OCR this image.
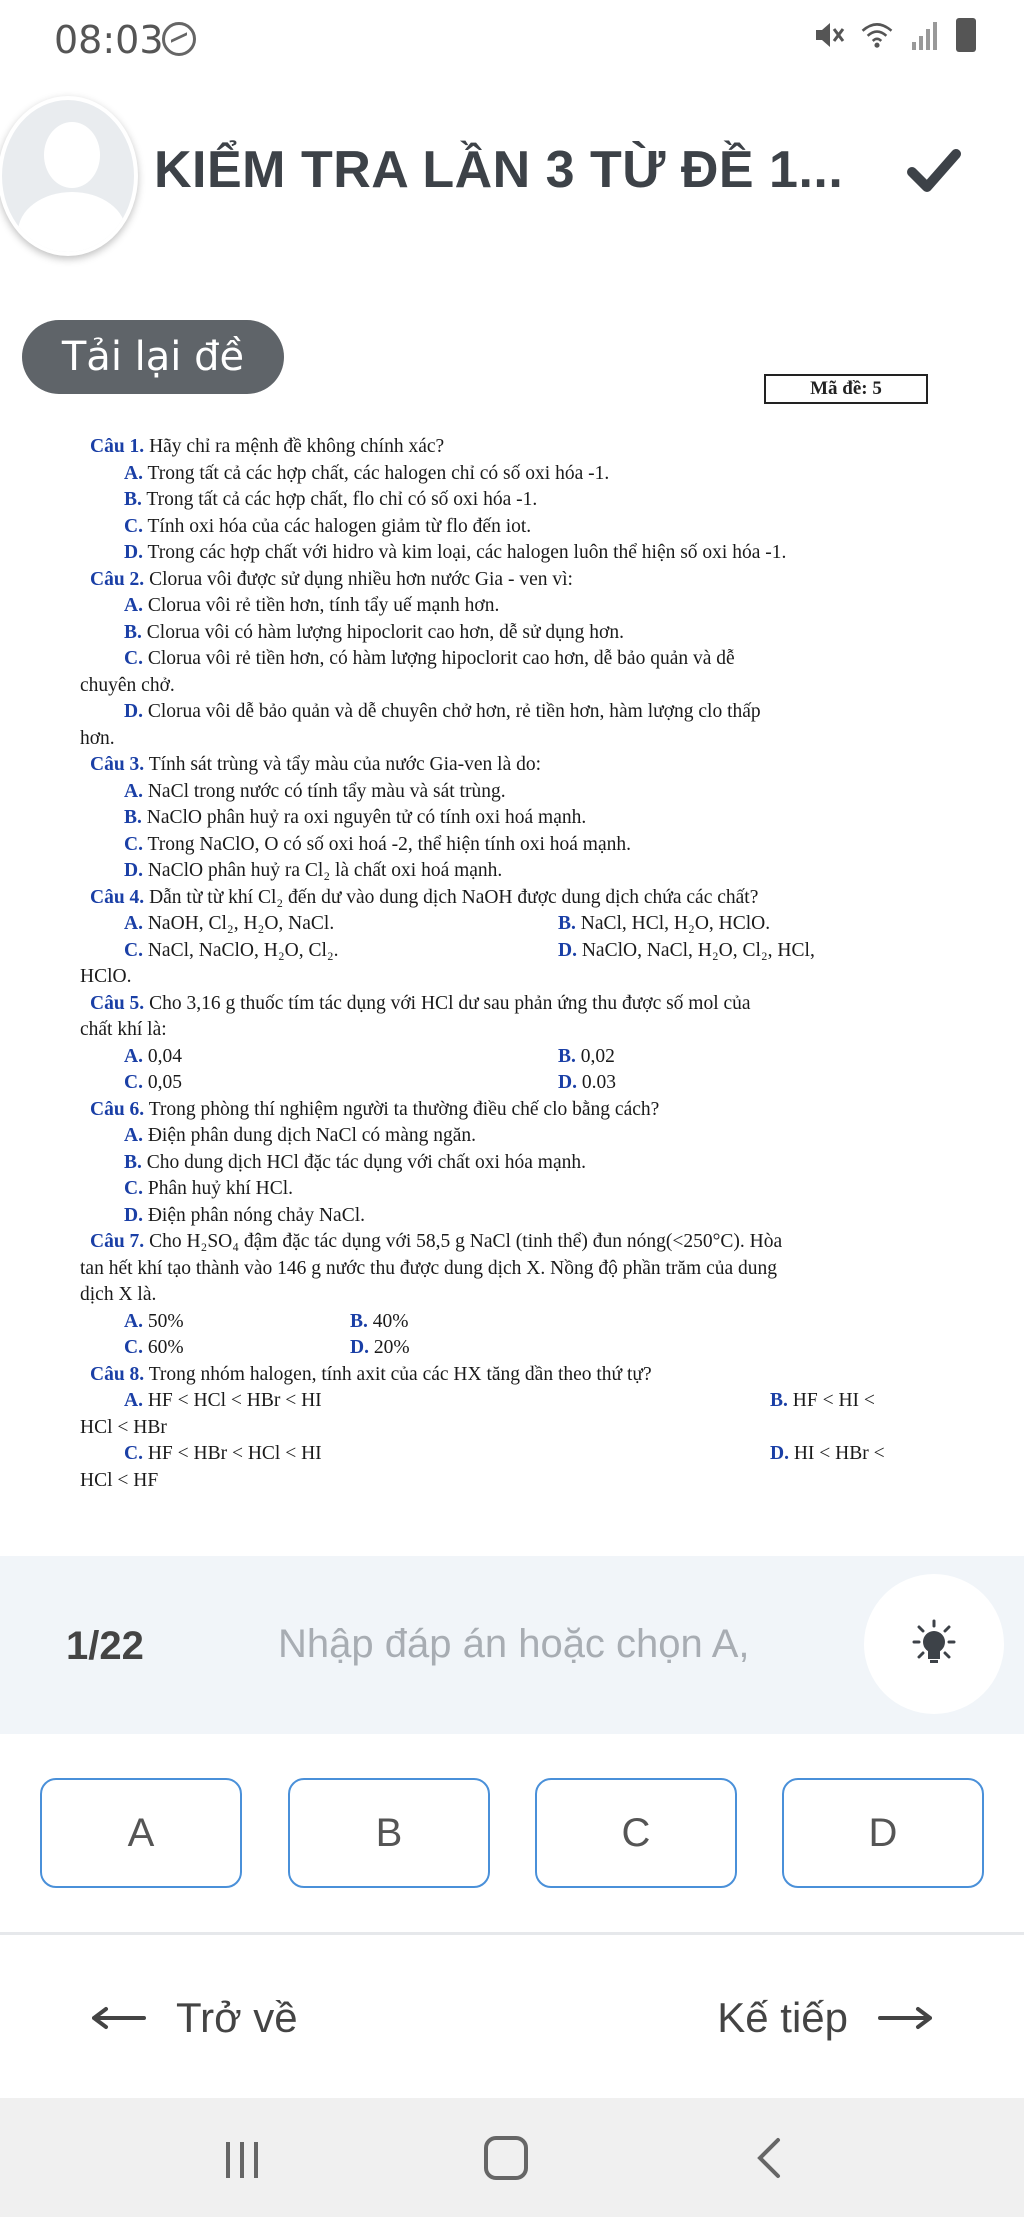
08:03
KIỂM TRA LẦN 3 TỪ ĐỀ 1...
Tải lại đề
Mã đề: 5
Câu 1. Hãy chỉ ra mệnh đề không chính xác?
A. Trong tất cả các hợp chất, các halogen chỉ có số oxi hóa -1.
B. Trong tất cả các hợp chất, flo chỉ có số oxi hóa -1.
C. Tính oxi hóa của các halogen giảm từ flo đến iot.
D. Trong các hợp chất với hidro và kim loại, các halogen luôn thể hiện số oxi hóa -1.
Câu 2. Clorua vôi được sử dụng nhiều hơn nước Gia - ven vì:
A. Clorua vôi rẻ tiền hơn, tính tẩy uế mạnh hơn.
B. Clorua vôi có hàm lượng hipoclorit cao hơn, dễ sử dụng hơn.
C. Clorua vôi rẻ tiền hơn, có hàm lượng hipoclorit cao hơn, dễ bảo quản và dễ
chuyên chở.
D. Clorua vôi dễ bảo quản và dễ chuyên chở hơn, rẻ tiền hơn, hàm lượng clo thấp
hơn.
Câu 3. Tính sát trùng và tẩy màu của nước Gia-ven là do:
A. NaCl trong nước có tính tẩy màu và sát trùng.
B. NaClO phân huỷ ra oxi nguyên tử có tính oxi hoá mạnh.
C. Trong NaClO, O có số oxi hoá -2, thể hiện tính oxi hoá mạnh.
D. NaClO phân huỷ ra Cl₂ là chất oxi hoá mạnh.
Câu 4. Dẫn từ từ khí Cl₂ đến dư vào dung dịch NaOH được dung dịch chứa các chất?
A. NaOH, Cl₂, H₂O, NaCl.	B. NaCl, HCl, H₂O, HClO.
C. NaCl, NaClO, H₂O, Cl₂.	D. NaClO, NaCl, H₂O, Cl₂, HCl,
HClO.
Câu 5. Cho 3,16 g thuốc tím tác dụng với HCl dư sau phản ứng thu được số mol của
chất khí là:
A. 0,04	B. 0,02
C. 0,05	D. 0.03
Câu 6. Trong phòng thí nghiệm người ta thường điều chế clo bằng cách?
A. Điện phân dung dịch NaCl có màng ngăn.
B. Cho dung dịch HCl đặc tác dụng với chất oxi hóa mạnh.
C. Phân huỷ khí HCl.
D. Điện phân nóng chảy NaCl.
Câu 7. Cho H₂SO₄ đậm đặc tác dụng với 58,5 g NaCl (tinh thể) đun nóng(<250°C). Hòa
tan hết khí tạo thành vào 146 g nước thu được dung dịch X. Nồng độ phần trăm của dung
dịch X là.
A. 50%	B. 40%
C. 60%	D. 20%
Câu 8. Trong nhóm halogen, tính axit của các HX tăng dần theo thứ tự?
A. HF < HCl < HBr < HI	B. HF < HI <
HCl < HBr
C. HF < HBr < HCl < HI	D. HI < HBr <
HCl < HF
1/22
Nhập đáp án hoặc chọn A,
A	B	C	D
Trở về	Kế tiếp
